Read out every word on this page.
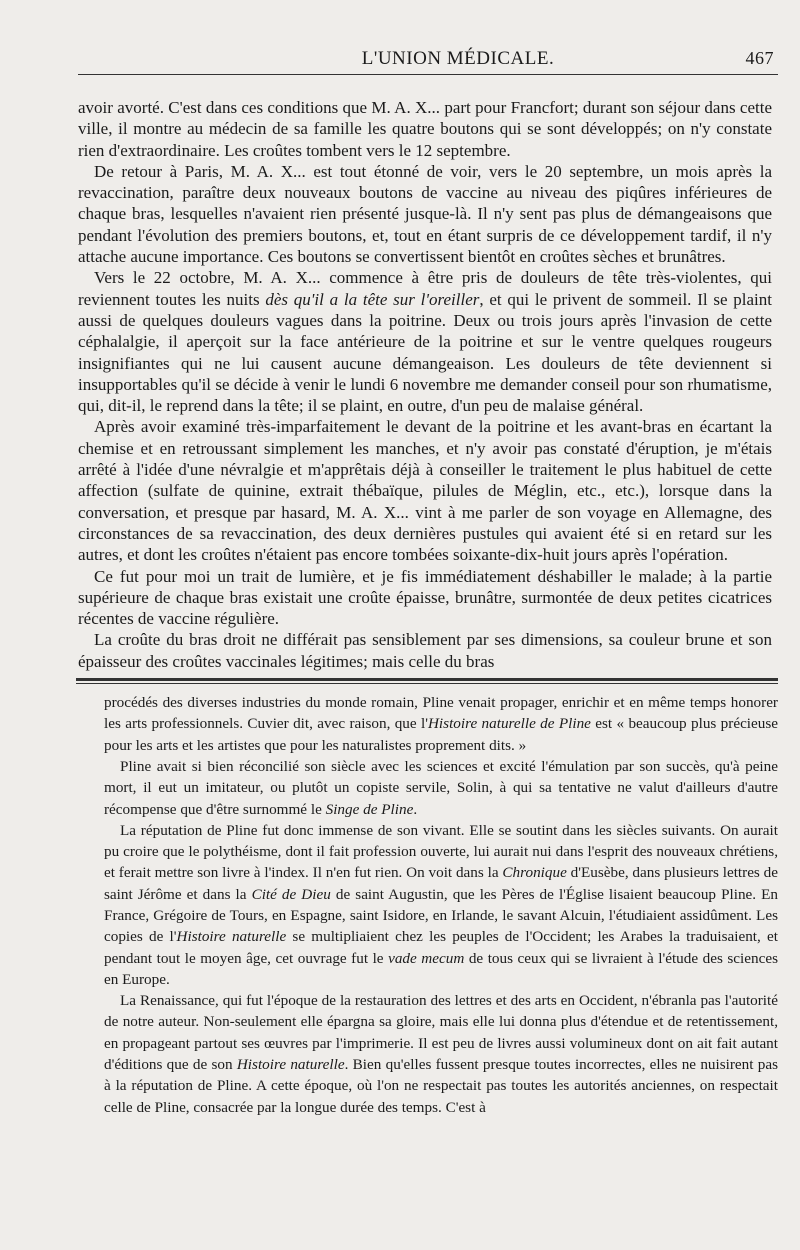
L'UNION MÉDICALE.	467

avoir avorté. C'est dans ces conditions que M. A. X... part pour Francfort; durant son séjour dans cette ville, il montre au médecin de sa famille les quatre boutons qui se sont développés; on n'y constate rien d'extraordinaire. Les croûtes tombent vers le 12 septembre.

De retour à Paris, M. A. X... est tout étonné de voir, vers le 20 septembre, un mois après la revaccination, paraître deux nouveaux boutons de vaccine au niveau des piqûres inférieures de chaque bras, lesquelles n'avaient rien présenté jusque-là. Il n'y sent pas plus de démangeaisons que pendant l'évolution des premiers boutons, et, tout en étant surpris de ce développement tardif, il n'y attache aucune importance. Ces boutons se convertissent bientôt en croûtes sèches et brunâtres.

Vers le 22 octobre, M. A. X... commence à être pris de douleurs de tête très-violentes, qui reviennent toutes les nuits dès qu'il a la tête sur l'oreiller, et qui le privent de sommeil. Il se plaint aussi de quelques douleurs vagues dans la poitrine. Deux ou trois jours après l'invasion de cette céphalalgie, il aperçoit sur la face antérieure de la poitrine et sur le ventre quelques rougeurs insignifiantes qui ne lui causent aucune démangeaison. Les douleurs de tête deviennent si insupportables qu'il se décide à venir le lundi 6 novembre me demander conseil pour son rhumatisme, qui, dit-il, le reprend dans la tête; il se plaint, en outre, d'un peu de malaise général.

Après avoir examiné très-imparfaitement le devant de la poitrine et les avant-bras en écartant la chemise et en retroussant simplement les manches, et n'y avoir pas constaté d'éruption, je m'étais arrêté à l'idée d'une névralgie et m'apprêtais déjà à conseiller le traitement le plus habituel de cette affection (sulfate de quinine, extrait thébaïque, pilules de Méglin, etc., etc.), lorsque dans la conversation, et presque par hasard, M. A. X... vint à me parler de son voyage en Allemagne, des circonstances de sa revaccination, des deux dernières pustules qui avaient été si en retard sur les autres, et dont les croûtes n'étaient pas encore tombées soixante-dix-huit jours après l'opération.

Ce fut pour moi un trait de lumière, et je fis immédiatement déshabiller le malade; à la partie supérieure de chaque bras existait une croûte épaisse, brunâtre, surmontée de deux petites cicatrices récentes de vaccine régulière.

La croûte du bras droit ne différait pas sensiblement par ses dimensions, sa couleur brune et son épaisseur des croûtes vaccinales légitimes; mais celle du bras

procédés des diverses industries du monde romain, Pline venait propager, enrichir et en même temps honorer les arts professionnels. Cuvier dit, avec raison, que l'Histoire naturelle de Pline est « beaucoup plus précieuse pour les arts et les artistes que pour les naturalistes proprement dits. »

Pline avait si bien réconcilié son siècle avec les sciences et excité l'émulation par son succès, qu'à peine mort, il eut un imitateur, ou plutôt un copiste servile, Solin, à qui sa tentative ne valut d'ailleurs d'autre récompense que d'être surnommé le Singe de Pline.

La réputation de Pline fut donc immense de son vivant. Elle se soutint dans les siècles suivants. On aurait pu croire que le polythéisme, dont il fait profession ouverte, lui aurait nui dans l'esprit des nouveaux chrétiens, et ferait mettre son livre à l'index. Il n'en fut rien. On voit dans la Chronique d'Eusèbe, dans plusieurs lettres de saint Jérôme et dans la Cité de Dieu de saint Augustin, que les Pères de l'Église lisaient beaucoup Pline. En France, Grégoire de Tours, en Espagne, saint Isidore, en Irlande, le savant Alcuin, l'étudiaient assidûment. Les copies de l'Histoire naturelle se multipliaient chez les peuples de l'Occident; les Arabes la traduisaient, et pendant tout le moyen âge, cet ouvrage fut le vade mecum de tous ceux qui se livraient à l'étude des sciences en Europe.

La Renaissance, qui fut l'époque de la restauration des lettres et des arts en Occident, n'ébranla pas l'autorité de notre auteur. Non-seulement elle épargna sa gloire, mais elle lui donna plus d'étendue et de retentissement, en propageant partout ses œuvres par l'imprimerie. Il est peu de livres aussi volumineux dont on ait fait autant d'éditions que de son Histoire naturelle. Bien qu'elles fussent presque toutes incorrectes, elles ne nuisirent pas à la réputation de Pline. A cette époque, où l'on ne respectait pas toutes les autorités anciennes, on respectait celle de Pline, consacrée par la longue durée des temps. C'est à
